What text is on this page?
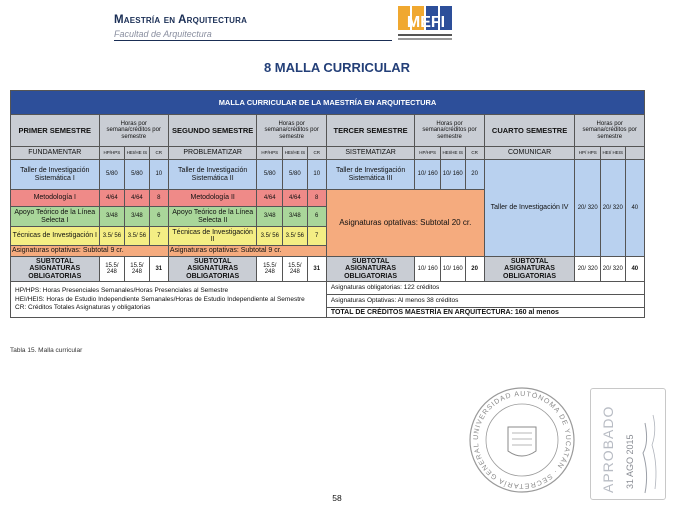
Maestría en Arquitectura
Facultad de Arquitectura
MEFI
8 MALLA CURRICULAR
MALLA CURRICULAR DE LA MAESTRÍA EN ARQUITECTURA															
PRIMER SEMESTRE	Horas por semana/créditos por semestre			SEGUNDO SEMESTRE	Horas por semana/créditos por semestre			TERCER SEMESTRE	Horas por semana/créditos por semestre			CUARTO SEMESTRE	Horas por semana/créditos por semestre		
FUNDAMENTAR	HP/HPS	HEI/HE IS	CR	PROBLEMATIZAR	HP/HPS	HEI/HE IS	CR	SISTEMATIZAR	HP/HPS	HEI/HE IS	CR	COMUNICAR	HP/ HPS	HEI/ HEIS	
Taller de Investigación Sistemática I	5/80	5/80	10	Taller de Investigación Sistemática II	5/80	5/80	10	Taller de Investigación Sistemática III	10/ 160	10/ 160	20	Taller de Investigación IV	20/ 320	20/ 320	40
Metodología I	4/64	4/64	8	Metodología II	4/64	4/64	8	Asignaturas optativas: Subtotal 20 cr.							
Apoyo Teórico de la Línea Selecta I	3/48	3/48	6	Apoyo Teórico de la Línea Selecta II	3/48	3/48	6								
Técnicas de Investigación I	3.5/ 56	3.5/ 56	7	Técnicas de Investigación II	3.5/ 56	3.5/ 56	7								
Asignaturas optativas: Subtotal 9 cr.				Asignaturas optativas: Subtotal 9 cr.											
SUBTOTAL ASIGNATURAS OBLIGATORIAS	15.5/ 248	15.5/ 248	31	SUBTOTAL ASIGNATURAS OBLIGATORIAS	15.5/ 248	15.5/ 248	31	SUBTOTAL ASIGNATURAS OBLIGATORIAS	10/ 160	10/ 160	20	SUBTOTAL ASIGNATURAS OBLIGATORIAS	20/ 320	20/ 320	40

HP/HPS: Horas Presenciales Semanales/Horas Presenciales al Semestre
HEI/HEIS: Horas de Estudio Independiente Semanales/Horas de Estudio Independiente al Semestre
CR: Créditos Totales Asignaturas y obligatorias								Asignaturas obligatorias: 122 créditos							
								Asignaturas Optativas: Al menos 38 créditos							
								TOTAL DE CRÉDITOS MAESTRÍA EN ARQUITECTURA: 160 al menos							
Tabla 15. Malla curricular
UNIVERSIDAD AUTÓNOMA DE YUCATÁN · SECRETARÍA GENERAL	APROBADO 31 AGO 2015
58
